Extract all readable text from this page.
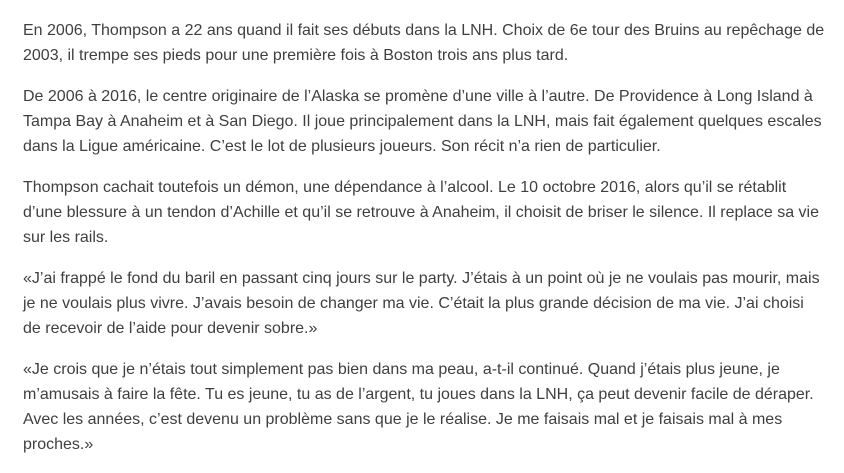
En 2006, Thompson a 22 ans quand il fait ses débuts dans la LNH. Choix de 6e tour des Bruins au repêchage de 2003, il trempe ses pieds pour une première fois à Boston trois ans plus tard.

De 2006 à 2016, le centre originaire de l’Alaska se promène d’une ville à l’autre. De Providence à Long Island à Tampa Bay à Anaheim et à San Diego. Il joue principalement dans la LNH, mais fait également quelques escales dans la Ligue américaine. C’est le lot de plusieurs joueurs. Son récit n’a rien de particulier.

Thompson cachait toutefois un démon, une dépendance à l’alcool. Le 10 octobre 2016, alors qu’il se rétablit d’une blessure à un tendon d’Achille et qu’il se retrouve à Anaheim, il choisit de briser le silence. Il replace sa vie sur les rails.

«J’ai frappé le fond du baril en passant cinq jours sur le party. J’étais à un point où je ne voulais pas mourir, mais je ne voulais plus vivre. J’avais besoin de changer ma vie. C’était la plus grande décision de ma vie. J’ai choisi de recevoir de l’aide pour devenir sobre.»

«Je crois que je n’étais tout simplement pas bien dans ma peau, a-t-il continué. Quand j’étais plus jeune, je m’amusais à faire la fête. Tu es jeune, tu as de l’argent, tu joues dans la LNH, ça peut devenir facile de déraper. Avec les années, c’est devenu un problème sans que je le réalise. Je me faisais mal et je faisais mal à mes proches.»
